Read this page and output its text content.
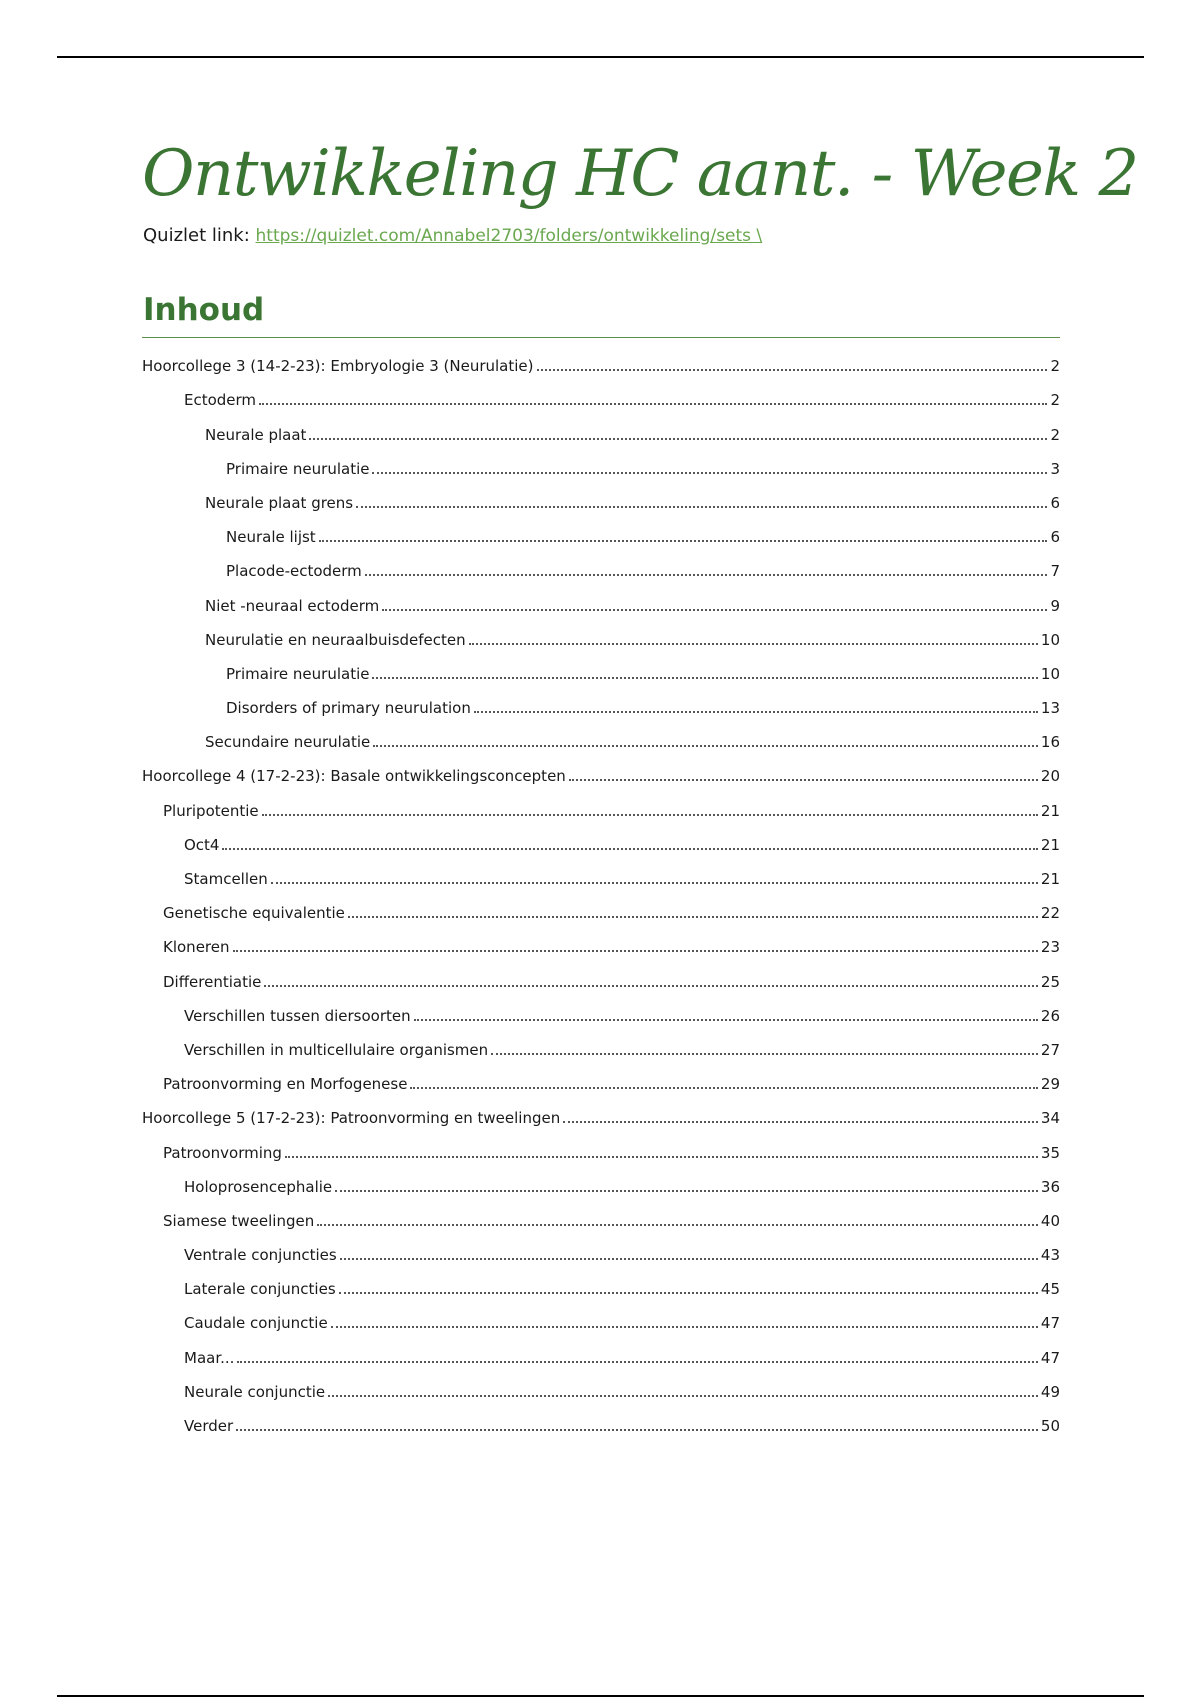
Ontwikkeling HC aant. - Week 2
Quizlet link: https://quizlet.com/Annabel2703/folders/ontwikkeling/sets \
Inhoud
Hoorcollege 3 (14-2-23): Embryologie 3 (Neurulatie)	2
Ectoderm	2
Neurale plaat	2
Primaire neurulatie	3
Neurale plaat grens	6
Neurale lijst	6
Placode-ectoderm	7
Niet -neuraal ectoderm	9
Neurulatie en neuraalbuisdefecten	10
Primaire neurulatie	10
Disorders of primary neurulation	13
Secundaire neurulatie	16
Hoorcollege 4 (17-2-23): Basale ontwikkelingsconcepten	20
Pluripotentie	21
Oct4	21
Stamcellen	21
Genetische equivalentie	22
Kloneren	23
Differentiatie	25
Verschillen tussen diersoorten	26
Verschillen in multicellulaire organismen	27
Patroonvorming en Morfogenese	29
Hoorcollege 5 (17-2-23): Patroonvorming en tweelingen	34
Patroonvorming	35
Holoprosencephalie	36
Siamese tweelingen	40
Ventrale conjuncties	43
Laterale conjuncties	45
Caudale conjunctie	47
Maar...	47
Neurale conjunctie	49
Verder	50
